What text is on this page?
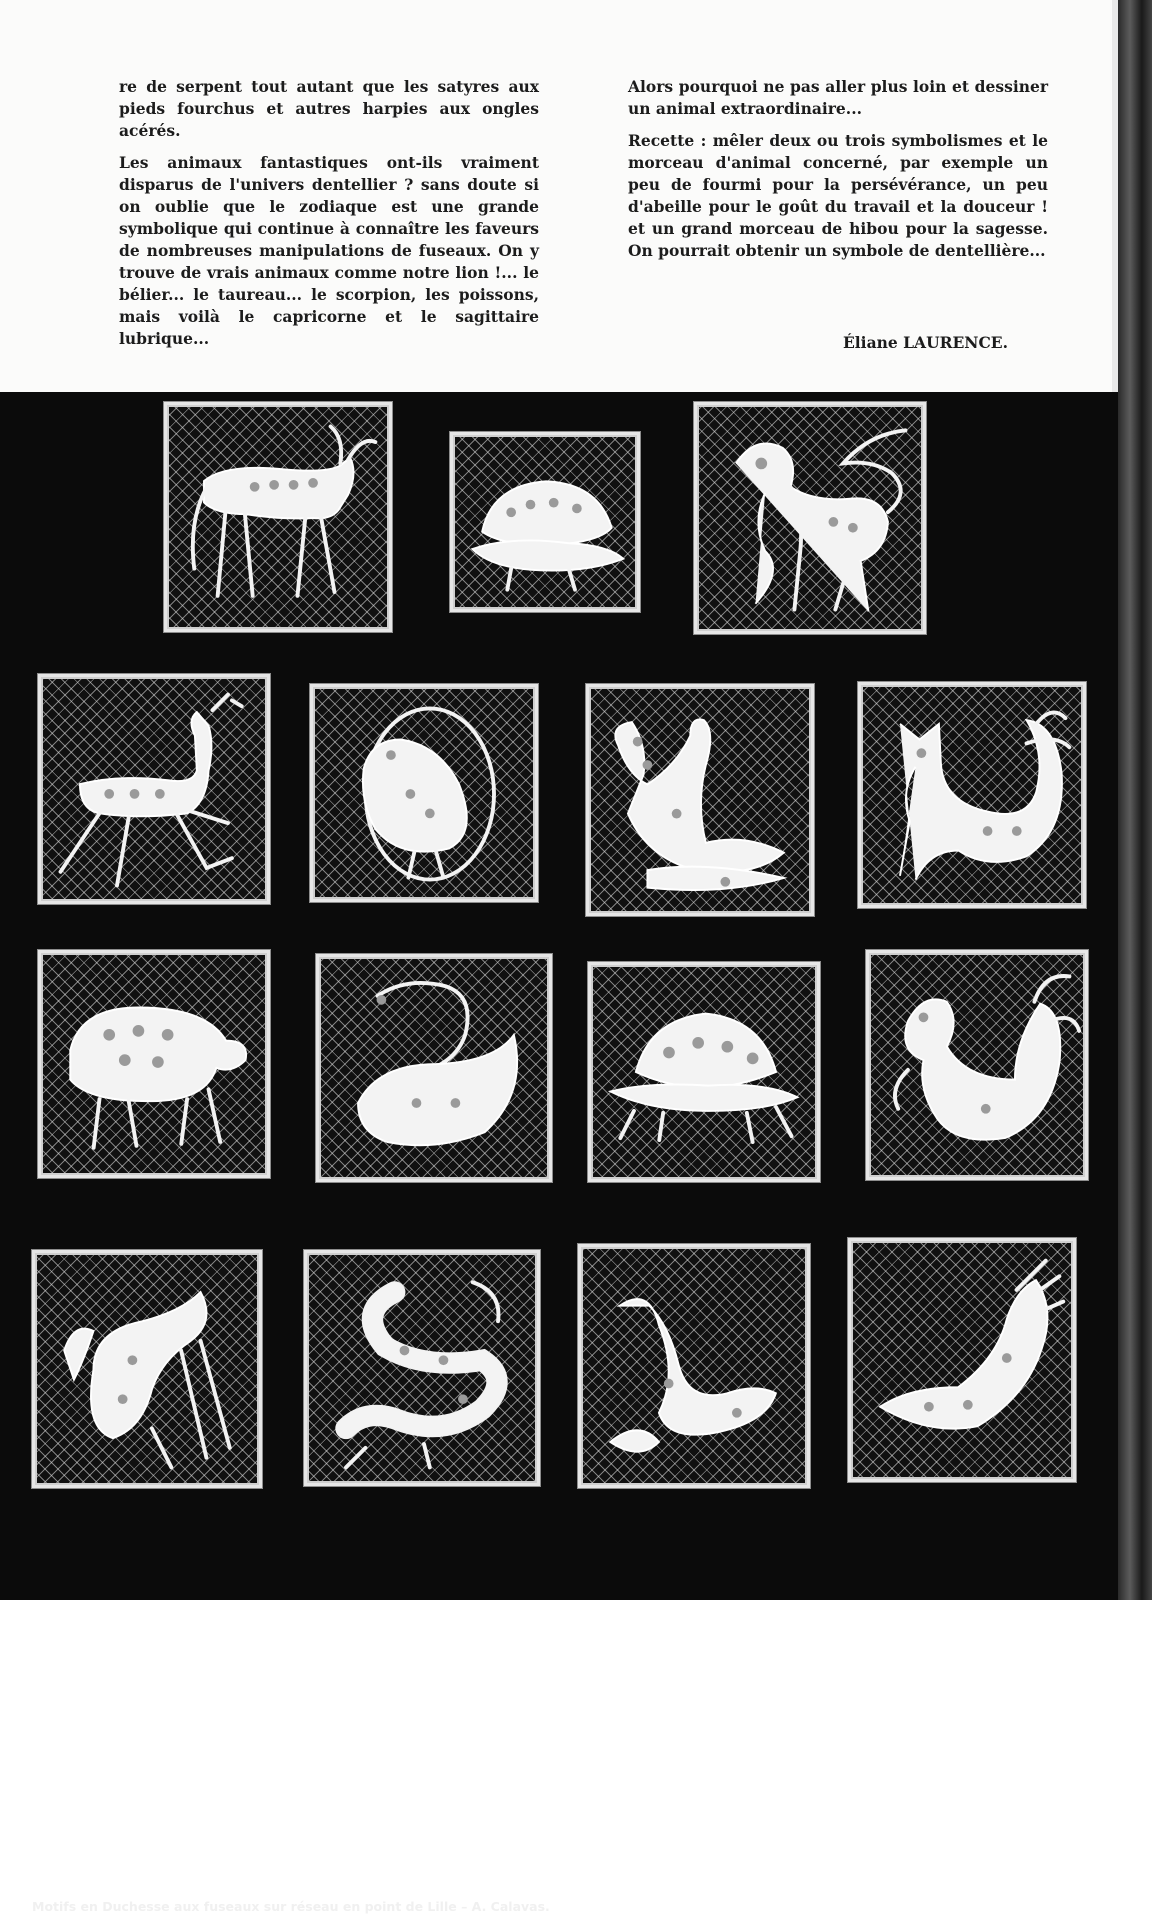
re de serpent tout autant que les satyres aux pieds fourchus et autres harpies aux ongles acérés.

Les animaux fantastiques ont-ils vraiment disparus de l'univers dentellier ? sans doute si on oublie que le zodiaque est une grande symbolique qui continue à connaître les faveurs de nombreuses manipulations de fuseaux. On y trouve de vrais animaux comme notre lion !... le bélier... le taureau... le scorpion, les poissons, mais voilà le capricorne et le sagittaire lubrique...

Alors pourquoi ne pas aller plus loin et dessiner un animal extraordinaire...

Recette : mêler deux ou trois symbolismes et le morceau d'animal concerné, par exemple un peu de fourmi pour la persévérance, un peu d'abeille pour le goût du travail et la douceur ! et un grand morceau de hibou pour la sagesse. On pourrait obtenir un symbole de dentellière...

Éliane LAURENCE.
Motifs en Duchesse aux fuseaux sur réseau en point de Lille – A. Calavas.
